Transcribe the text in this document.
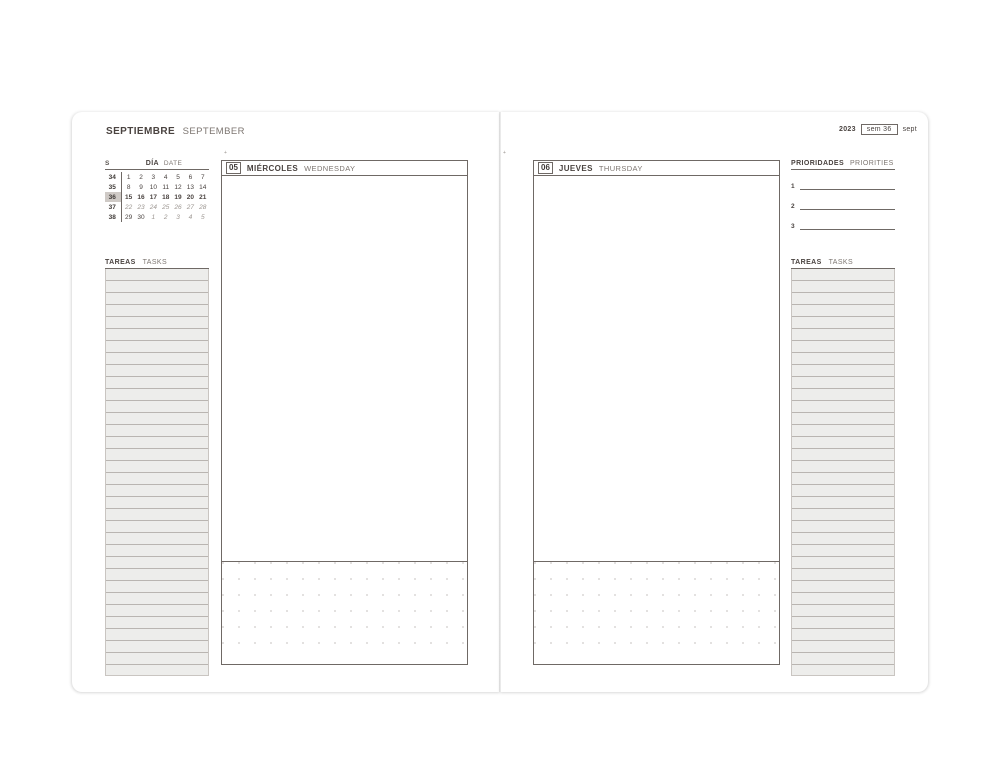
SEPTIEMBRE SEPTEMBER
+
S	DÍA DATE
34	1	2	3	4	5	6	7
35	8	9	10	11	12	13	14
36	15	16	17	18	19	20	21
37	22	23	24	25	26	27	28
38	29	30	1	2	3	4	5
TAREAS TASKS
05	MIÉRCOLES WEDNESDAY
2023	sem 36	sept
+
06	JUEVES THURSDAY	PRIORIDADES PRIORITIES
1
2
3
TAREAS TASKS
